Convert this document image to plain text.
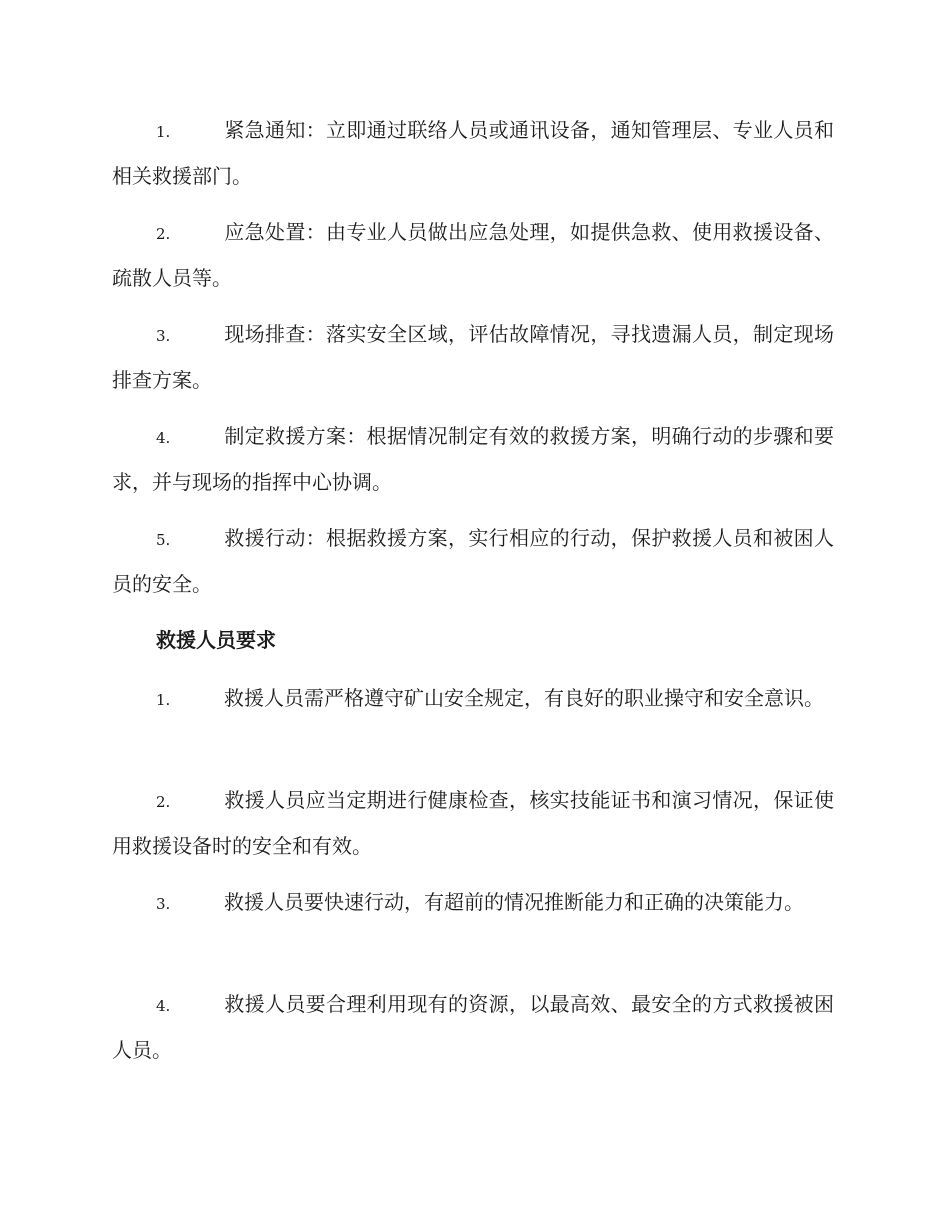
1.	紧急通知：立即通过联络人员或通讯设备，通知管理层、专业人员和相关救援部门。

2.	应急处置：由专业人员做出应急处理，如提供急救、使用救援设备、疏散人员等。

3.	现场排查：落实安全区域，评估故障情况，寻找遗漏人员，制定现场排查方案。

4.	制定救援方案：根据情况制定有效的救援方案，明确行动的步骤和要求，并与现场的指挥中心协调。

5.	救援行动：根据救援方案，实行相应的行动，保护救援人员和被困人员的安全。

救援人员要求

1.	救援人员需严格遵守矿山安全规定，有良好的职业操守和安全意识。

2.	救援人员应当定期进行健康检查，核实技能证书和演习情况，保证使用救援设备时的安全和有效。

3.	救援人员要快速行动，有超前的情况推断能力和正确的决策能力。

4.	救援人员要合理利用现有的资源，以最高效、最安全的方式救援被困人员。
